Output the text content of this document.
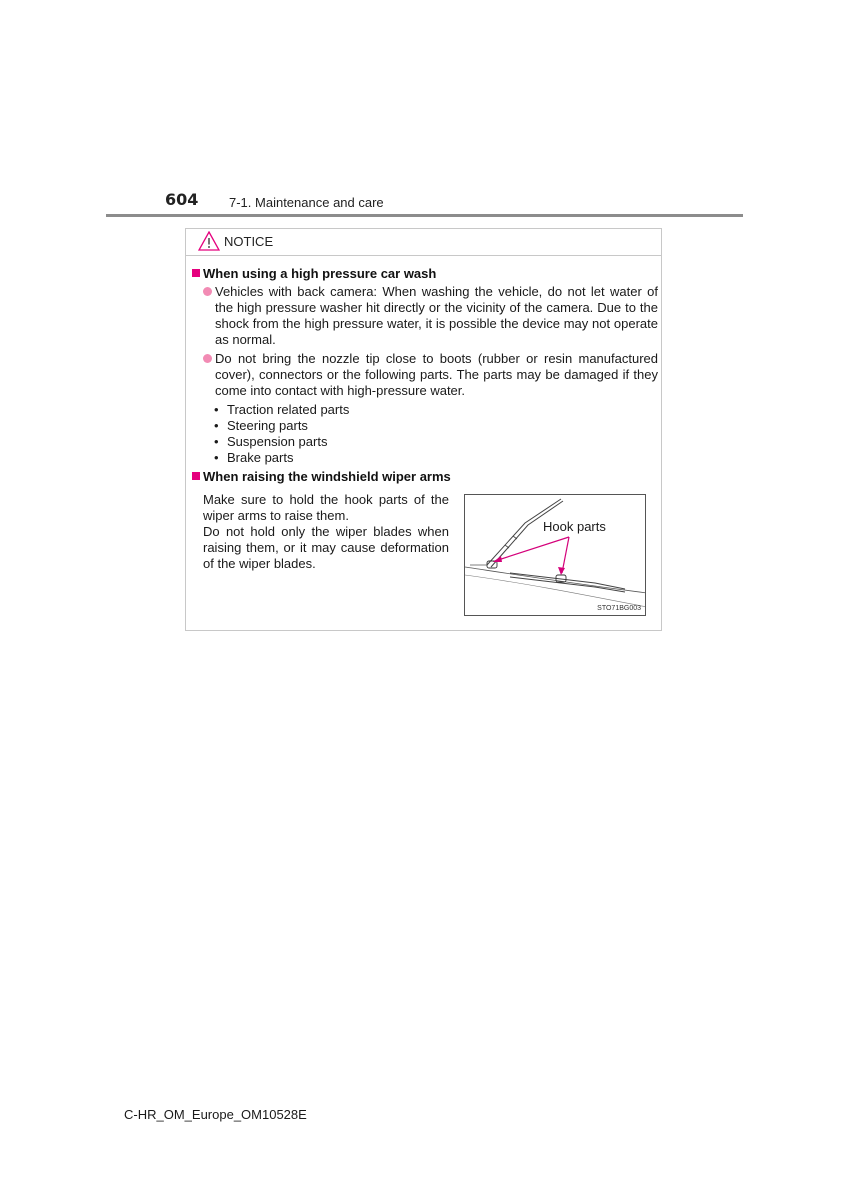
604 7-1. Maintenance and care
NOTICE
When using a high pressure car wash
Vehicles with back camera: When washing the vehicle, do not let water of the high pressure washer hit directly or the vicinity of the camera. Due to the shock from the high pressure water, it is possible the device may not operate as normal.
Do not bring the nozzle tip close to boots (rubber or resin manufactured cover), connectors or the following parts. The parts may be damaged if they come into contact with high-pressure water.
• Traction related parts
• Steering parts
• Suspension parts
• Brake parts
When raising the windshield wiper arms
Make sure to hold the hook parts of the wiper arms to raise them.
Do not hold only the wiper blades when raising them, or it may cause deformation of the wiper blades.
Hook parts
STO71BG003
C-HR_OM_Europe_OM10528E
